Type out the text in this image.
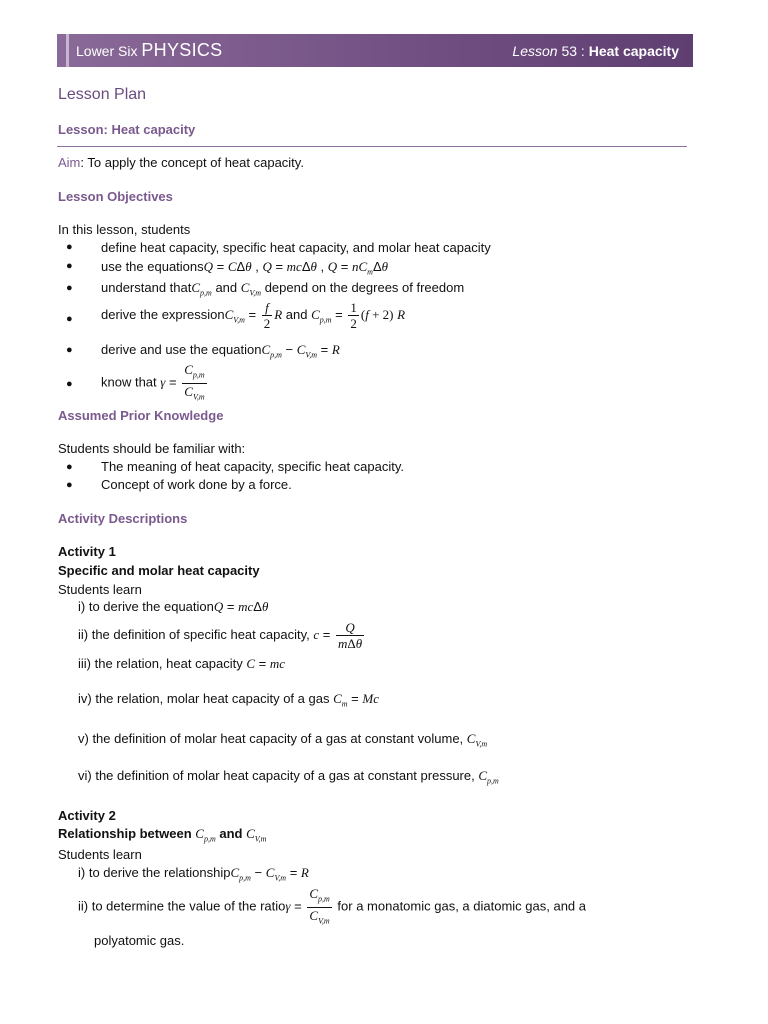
Lower Six PHYSICS	Lesson 53 : Heat capacity
Lesson Plan
Lesson: Heat capacity
Aim: To apply the concept of heat capacity.
Lesson Objectives
In this lesson, students
● define heat capacity, specific heat capacity, and molar heat capacity
● use the equationsQ = CΔθ , Q = mcΔθ , $Q = nC_m\Delta\theta$
● understand thatC$_{p,m}$ and $C_{V,m}$ depend on the degrees of freedom
● derive the expressionC$_{V,m}$ = $\frac{f}{2}$ R and $C_{p,m} = \frac{1}{2} (f + 2)$ R
● derive and use the equationC$_{p,m}$ − $C_{V,m} = R$
● know that $\gamma = \frac{C_{p,m}}{C_{V,m}}$
Assumed Prior Knowledge
Students should be familiar with:
● The meaning of heat capacity, specific heat capacity.
● Concept of work done by a force.
Activity Descriptions
Activity 1
Specific and molar heat capacity
Students learn
i) to derive the equationQ = mcΔθ
ii) the definition of specific heat capacity, $c = \frac{Q}{\text{mΔθ}}$
iii) the relation, heat capacity C = mc
iv) the relation, molar heat capacity of a gas $C_m = Mc$
v) the definition of molar heat capacity of a gas at constant volume, $C_{V,m}$
vi) the definition of molar heat capacity of a gas at constant pressure, $C_{p,m}$
Activity 2
Relationship between $C_{p,m}$ and $C_{V,m}$
Students learn
i) to derive the relationshipC$_{p,m}$ − $C_{V,m} = R$
ii) to determine the value of the ratioγ = $\frac{C_{p,m}}{C_{V,m}}$ for a monatomic gas, a diatomic gas, and a
polyatomic gas.
